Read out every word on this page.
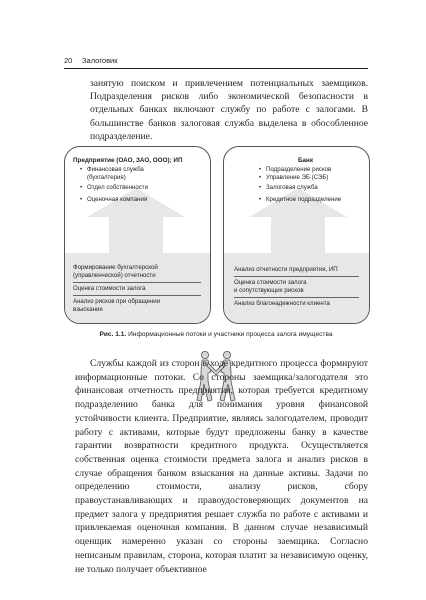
20 Залоговик

занятую поиском и привлечением потенциальных заемщиков. Подразделения рисков либо экономической безопасности в отдельных банках включают службу по работе с залогами. В большинстве банков залоговая служба выделена в обособленное подразделение.

Предприятие (ОАО, ЗАО, ООО); ИП
• Финансовая служба
(бухгалтерия)
• Отдел собственности
• Оценочная компания
Формирование бухгалтерской
(управленческой) отчетности
Оценка стоимости залога
Анализ рисков при обращении
взыскания
Банк
• Подразделение рисков
• Управление ЭБ (СЭБ)
• Залоговая служба
• Кредитное подразделение
Анализ отчетности предприятия, ИП
Оценка стоимости залога
и сопутствующих рисков
Анализ благонадежности клиента
Рис. 1.1. Информационные потоки и участники процесса залога имущества

Службы каждой из сторон в ходе кредитного процесса формируют информационные потоки. Со стороны заемщика/залогодателя это финансовая отчетность предприятия, которая требуется кредитному подразделению банка для понимания уровня финансовой устойчивости клиента. Предприятие, являясь залогодателем, проводит работу с активами, которые будут предложены банку в качестве гарантии возвратности кредитного продукта. Осуществляется собственная оценка стоимости предмета залога и анализ рисков в случае обращения банком взыскания на данные активы. Задачи по определению стоимости, анализу рисков, сбору правоустанавливающих и правоудостоверяющих документов на предмет залога у предприятия решает служба по работе с активами и привлекаемая оценочная компания. В данном случае независимый оценщик намеренно указан со стороны заемщика. Согласно неписаным правилам, сторона, которая платит за независимую оценку, не только получает объективное
